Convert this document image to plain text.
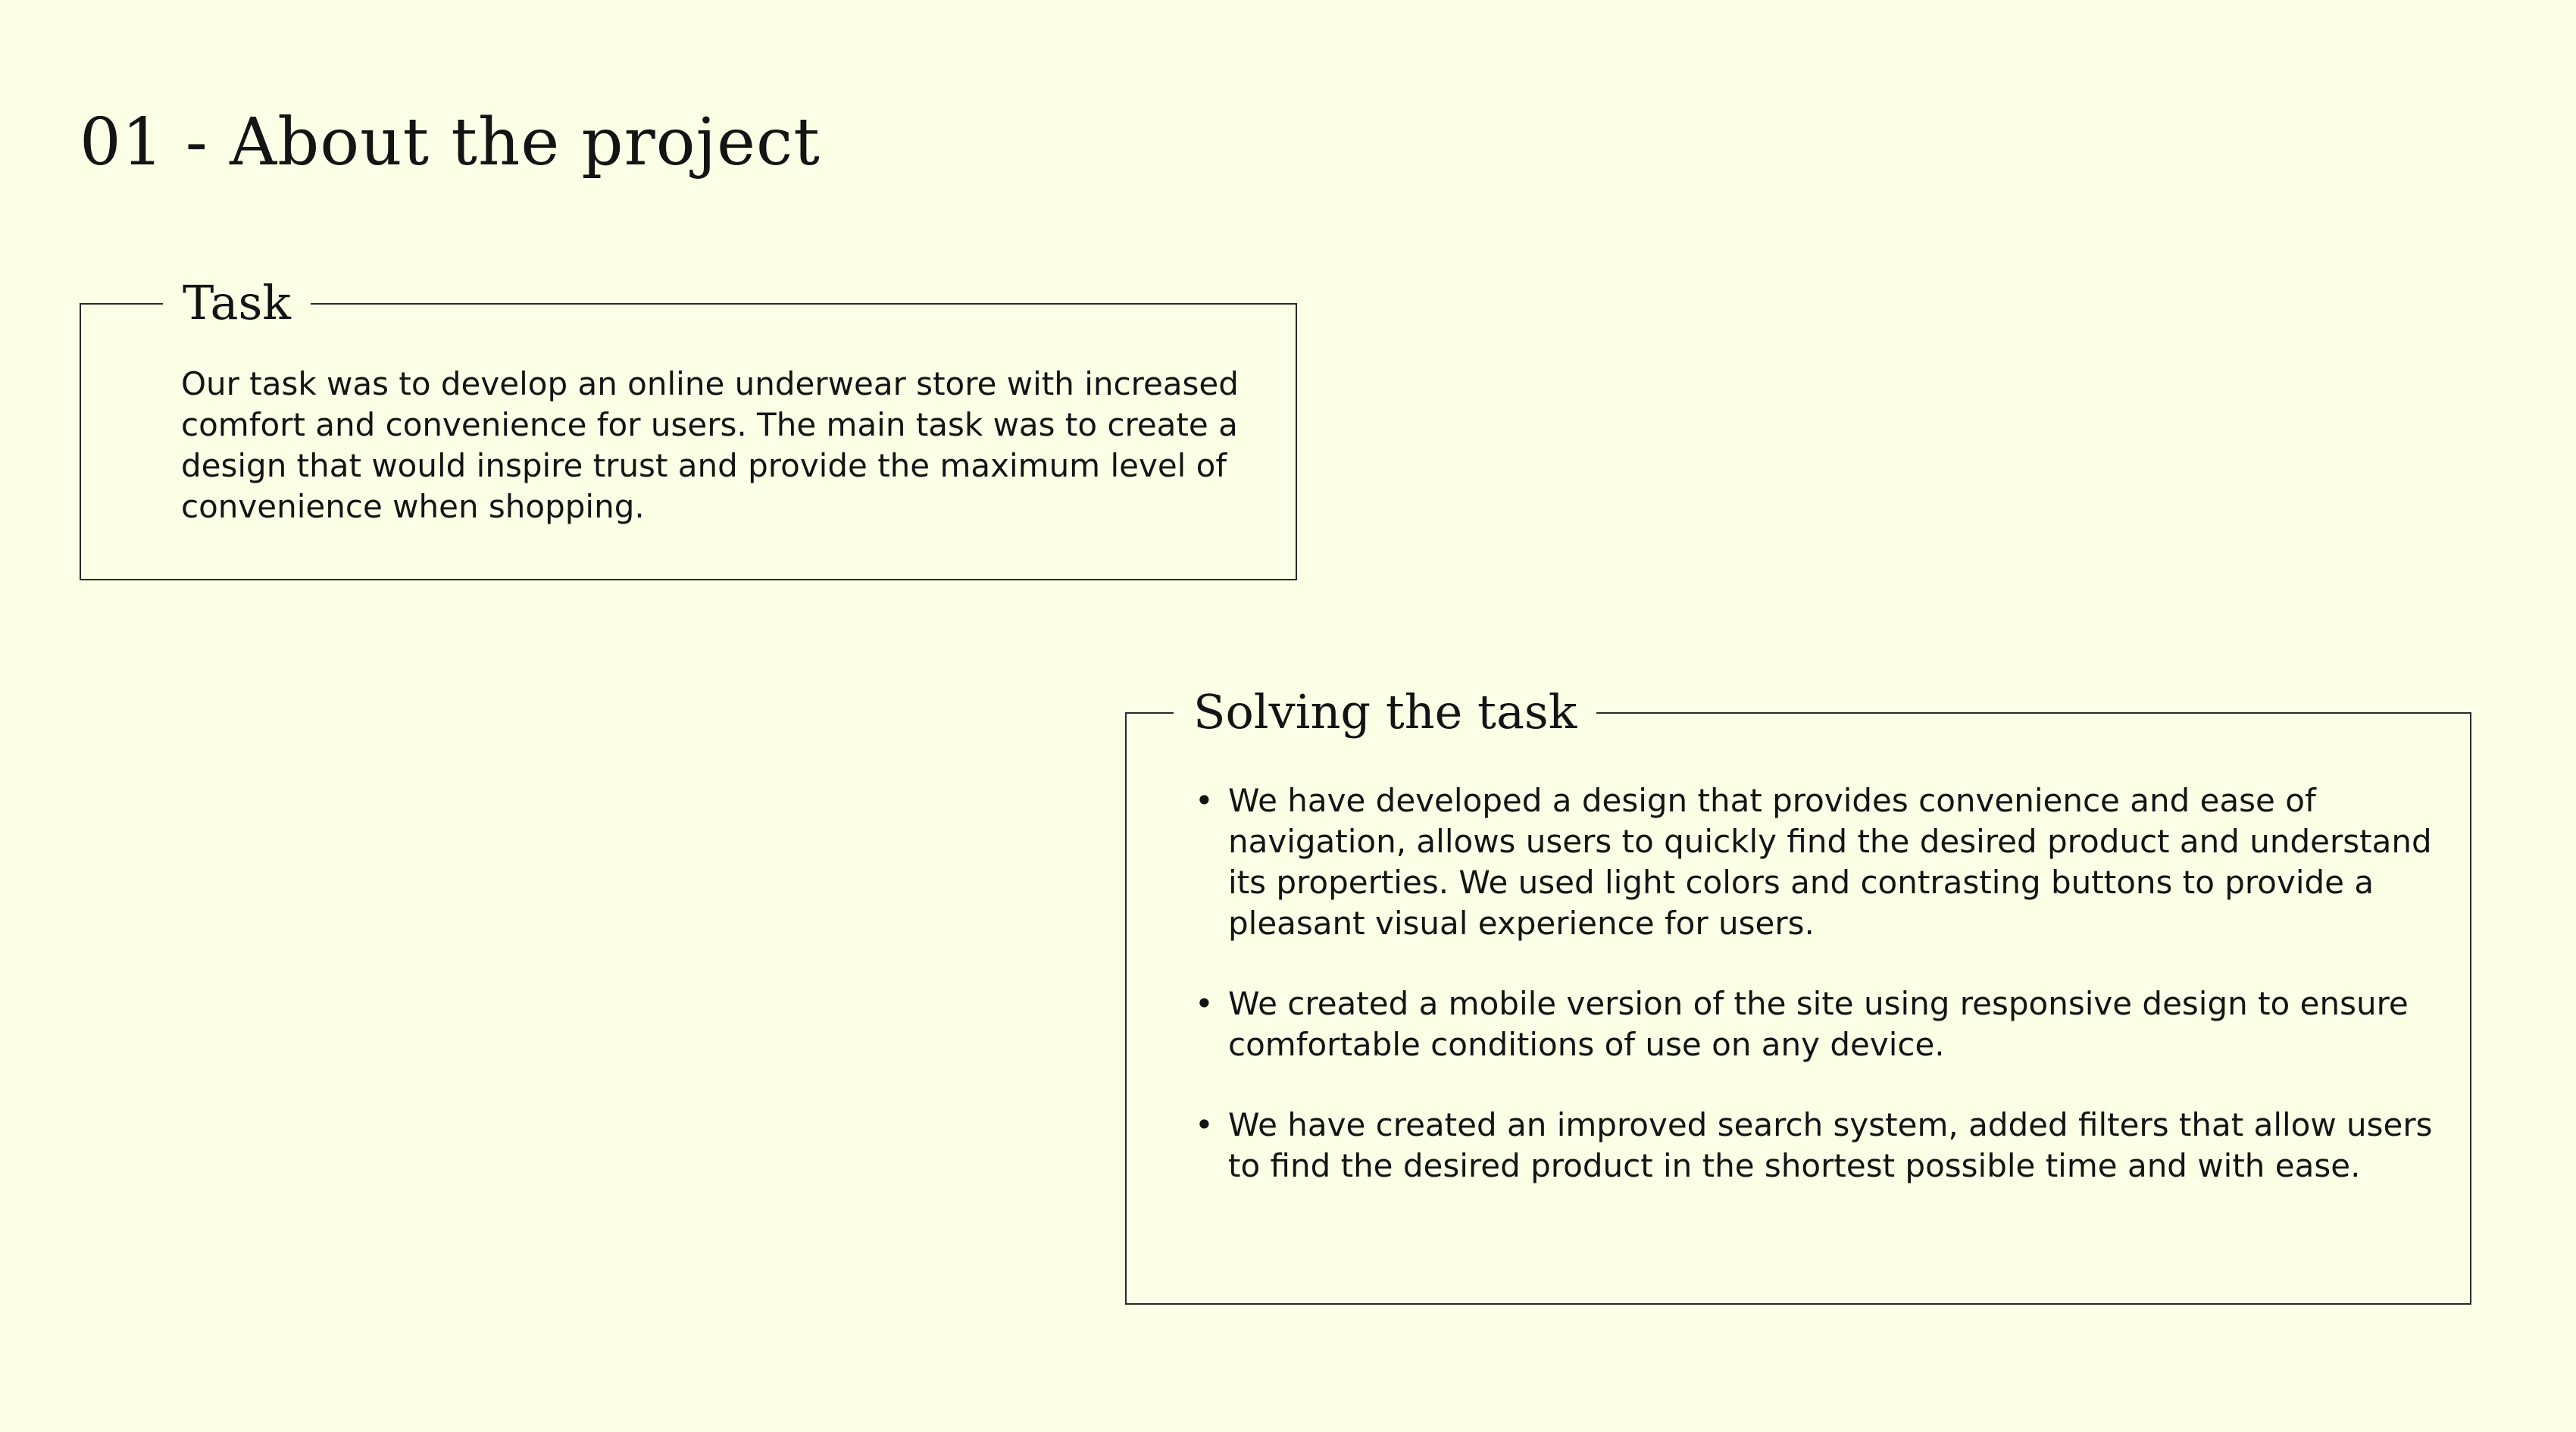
01 - About the project
Task

Our task was to develop an online underwear store with increased comfort and convenience for users. The main task was to create a design that would inspire trust and provide the maximum level of convenience when shopping.

Solving the task
• We have developed a design that provides convenience and ease of navigation, allows users to quickly find the desired product and understand its properties. We used light colors and contrasting buttons to provide a pleasant visual experience for users.

• We created a mobile version of the site using responsive design to ensure comfortable conditions of use on any device.

• We have created an improved search system, added filters that allow users to find the desired product in the shortest possible time and with ease.
